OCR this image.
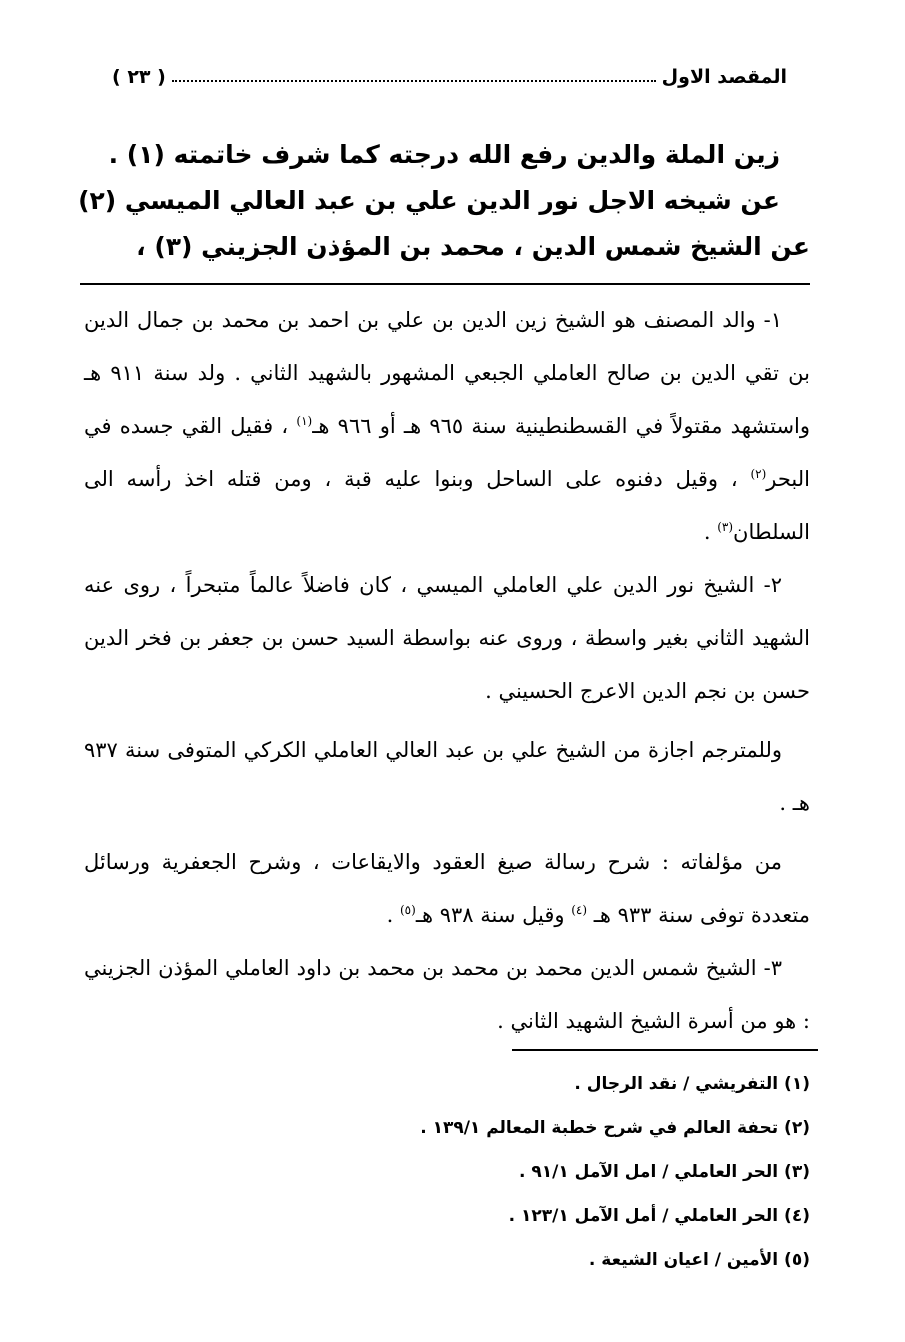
المقصد الاول
( ٢٣ )
زين الملة والدين رفع الله درجته كما شرف خاتمته (١) .
عن شيخه الاجل نور الدين علي بن عبد العالي الميسي (٢)
عن الشيخ شمس الدين ، محمد بن المؤذن الجزيني (٣) ،

١- والد المصنف هو الشيخ زين الدين بن علي بن احمد بن محمد بن جمال الدين بن تقي الدين بن صالح العاملي الجبعي المشهور بالشهيد الثاني . ولد سنة ٩١١ هـ واستشهد مقتولاً في القسطنطينية سنة ٩٦٥ هـ أو ٩٦٦ هـ$^{(١)}$ ، فقيل القي جسده في البحر$^{(٢)}$ ، وقيل دفنوه على الساحل وبنوا عليه قبة ، ومن قتله اخذ رأسه الى السلطان$^{(٣)}$ .

٢- الشيخ نور الدين علي العاملي الميسي ، كان فاضلاً عالماً متبحراً ، روى عنه الشهيد الثاني بغير واسطة ، وروى عنه بواسطة السيد حسن بن جعفر بن فخر الدين حسن بن نجم الدين الاعرج الحسيني .

وللمترجم اجازة من الشيخ علي بن عبد العالي العاملي الكركي المتوفى سنة ٩٣٧ هـ .

من مؤلفاته : شرح رسالة صيغ العقود والايقاعات ، وشرح الجعفرية ورسائل متعددة توفى سنة ٩٣٣ هـ $^{(٤)}$ وقيل سنة ٩٣٨ هـ$^{(٥)}$ .

٣- الشيخ شمس الدين محمد بن محمد بن محمد بن داود العاملي المؤذن الجزيني : هو من أسرة الشيخ الشهيد الثاني .

(١) التفريشي / نقد الرجال .
(٢) تحفة العالم في شرح خطبة المعالم ١٣٩/١ .
(٣) الحر العاملي / امل الآمل ٩١/١ .
(٤) الحر العاملي / أمل الآمل ١٢٣/١ .
(٥) الأمين / اعيان الشيعة .
